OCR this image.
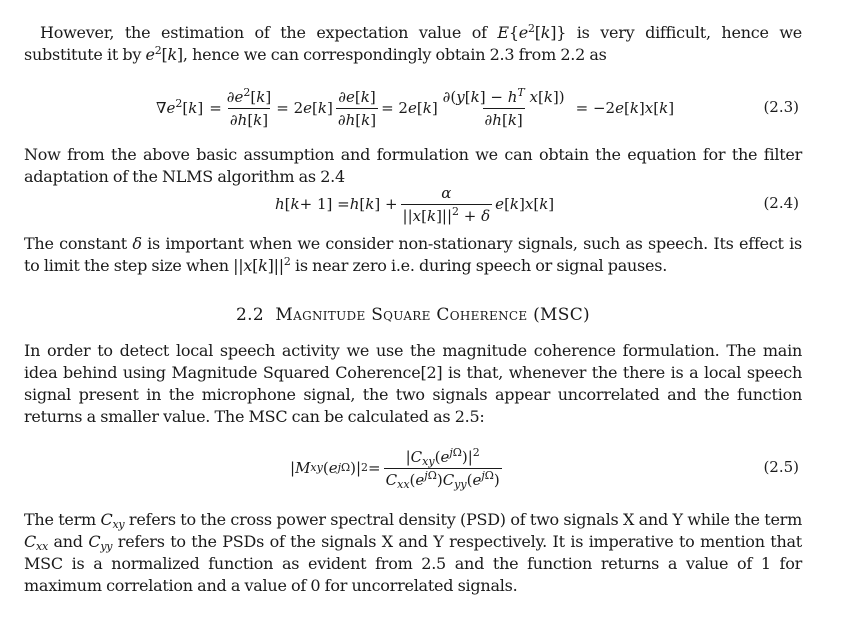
However, the estimation of the expectation value of $E\{e^2[k]\}$ is very difficult, hence we substitute it by $e^2[k]$, hence we can correspondingly obtain 2.3 from 2.2 as

$\nabla e^2[k] = \frac{\partial e^2[k]}{\partial h[k]} = 2$ e [ k ] $\frac{\partial e[k]}{\partial h[k]} = 2$ e [ k ] $\frac{\partial(y[k] - h^T x[k])}{\partial h[k]} = -2$ e [ k ] x [ k ]	(2.3)

Now from the above basic assumption and formulation we can obtain the equation for the filter adaptation of the NLMS algorithm as 2.4

h [ k + 1] = h [ k ] + $\frac{\alpha}{||x[k]||^2 + \delta}$ e [ k ] x [ k ]	(2.4)

The constant δ is important when we consider non-stationary signals, such as speech. Its effect is to limit the step size when $||x[k]||^2$ is near zero i.e. during speech or signal pauses.

2.2 Magnitude Square Coherence (MSC)

In order to detect local speech activity we use the magnitude coherence formulation. The main idea behind using Magnitude Squared Coherence[2] is that, whenever the there is a local speech signal present in the microphone signal, the two signals appear uncorrelated and the function returns a smaller value. The MSC can be calculated as 2.5:

| M xy ( e jΩ )| $2 = \frac{|C_{xy}(e^{j\Omega})|^2}{C_{xx}(e^{j\Omega})C_{yy}(e^{j\Omega})}$	(2.5)

The term $C_{xy}$ refers to the cross power spectral density (PSD) of two signals X and Y while the term $C_{xx}$ and $C_{yy}$ refers to the PSDs of the signals X and Y respectively. It is imperative to mention that MSC is a normalized function as evident from 2.5 and the function returns a value of 1 for maximum correlation and a value of 0 for uncorrelated signals.
